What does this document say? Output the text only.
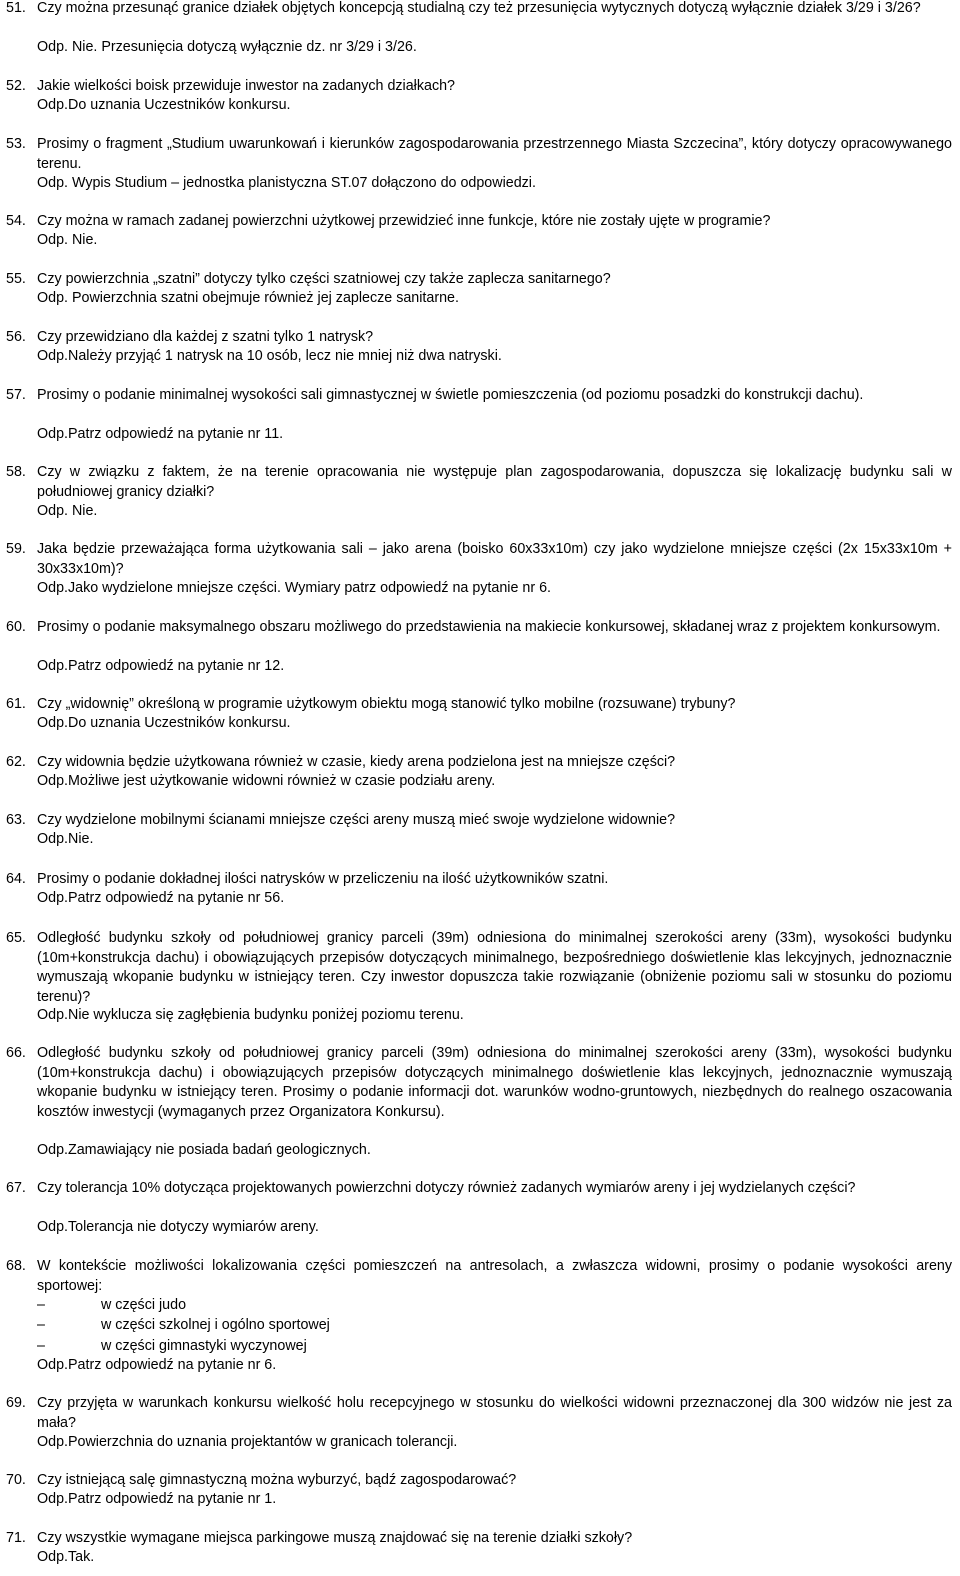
51. Czy można przesunąć granice działek objętych koncepcją studialną czy też przesunięcia wytycznych dotyczą wyłącznie działek 3/29 i 3/26?
Odp. Nie. Przesunięcia dotyczą wyłącznie dz. nr 3/29 i 3/26.
52. Jakie wielkości boisk przewiduje inwestor na zadanych działkach?
Odp.Do uznania Uczestników konkursu.
53. Prosimy o fragment „Studium uwarunkowań i kierunków zagospodarowania przestrzennego Miasta Szczecina”, który dotyczy opracowywanego terenu.
Odp. Wypis Studium – jednostka planistyczna ST.07 dołączono do odpowiedzi.
54. Czy można w ramach zadanej powierzchni użytkowej przewidzieć inne funkcje, które nie zostały ujęte w programie?
Odp. Nie.
55. Czy powierzchnia „szatni” dotyczy tylko części szatniowej czy także zaplecza sanitarnego?
Odp. Powierzchnia szatni obejmuje również jej zaplecze sanitarne.
56. Czy przewidziano dla każdej z szatni tylko 1 natrysk?
Odp.Należy przyjąć 1 natrysk na 10 osób, lecz nie mniej niż dwa natryski.
57. Prosimy o podanie minimalnej wysokości sali gimnastycznej w świetle pomieszczenia (od poziomu posadzki do konstrukcji dachu).
Odp.Patrz odpowiedź na pytanie nr 11.
58. Czy w związku z faktem, że na terenie opracowania nie występuje plan zagospodarowania, dopuszcza się lokalizację budynku sali w południowej granicy działki?
Odp. Nie.
59. Jaka będzie przeważająca forma użytkowania sali – jako arena (boisko 60x33x10m) czy jako wydzielone mniejsze części (2x 15x33x10m + 30x33x10m)?
Odp.Jako wydzielone mniejsze części. Wymiary patrz odpowiedź na pytanie nr 6.
60. Prosimy o podanie maksymalnego obszaru możliwego do przedstawienia na makiecie konkursowej, składanej wraz z projektem konkursowym.
Odp.Patrz odpowiedź na pytanie nr 12.
61. Czy „widownię” określoną w programie użytkowym obiektu mogą stanowić tylko mobilne (rozsuwane) trybuny?
Odp.Do uznania Uczestników konkursu.
62. Czy widownia będzie użytkowana również w czasie, kiedy arena podzielona jest na mniejsze części?
Odp.Możliwe jest użytkowanie widowni również w czasie podziału areny.
63. Czy wydzielone mobilnymi ścianami mniejsze części areny muszą mieć swoje wydzielone widownie?
Odp.Nie.
64. Prosimy o podanie dokładnej ilości natrysków w przeliczeniu na ilość użytkowników szatni.
Odp.Patrz odpowiedź na pytanie nr 56.
65. Odległość budynku szkoły od południowej granicy parceli (39m) odniesiona do minimalnej szerokości areny (33m), wysokości budynku (10m+konstrukcja dachu) i obowiązujących przepisów dotyczących minimalnego, bezpośredniego doświetlenie klas lekcyjnych, jednoznacznie wymuszają wkopanie budynku w istniejący teren. Czy inwestor dopuszcza takie rozwiązanie (obniżenie poziomu sali w stosunku do poziomu terenu)?
Odp.Nie wyklucza się zagłębienia budynku poniżej poziomu terenu.
66. Odległość budynku szkoły od południowej granicy parceli (39m) odniesiona do minimalnej szerokości areny (33m), wysokości budynku (10m+konstrukcja dachu) i obowiązujących przepisów dotyczących minimalnego doświetlenie klas lekcyjnych, jednoznacznie wymuszają wkopanie budynku w istniejący teren. Prosimy o podanie informacji dot. warunków wodno-gruntowych, niezbędnych do realnego oszacowania kosztów inwestycji (wymaganych przez Organizatora Konkursu).
Odp.Zamawiający nie posiada badań geologicznych.
67. Czy tolerancja 10% dotycząca projektowanych powierzchni dotyczy również zadanych wymiarów areny i jej wydzielanych części?
Odp.Tolerancja nie dotyczy wymiarów areny.
68. W kontekście możliwości lokalizowania części pomieszczeń na antresolach, a zwłaszcza widowni, prosimy o podanie wysokości areny sportowej:
–	w części judo
–	w części szkolnej i ogólno sportowej
–	w części gimnastyki wyczynowej
Odp.Patrz odpowiedź na pytanie nr 6.
69. Czy przyjęta w warunkach konkursu wielkość holu recepcyjnego w stosunku do wielkości widowni przeznaczonej dla 300 widzów nie jest za mała?
Odp.Powierzchnia do uznania projektantów w granicach tolerancji.
70. Czy istniejącą salę gimnastyczną można wyburzyć, bądź zagospodarować?
Odp.Patrz odpowiedź na pytanie nr 1.
71. Czy wszystkie wymagane miejsca parkingowe muszą znajdować się na terenie działki szkoły?
Odp.Tak.
